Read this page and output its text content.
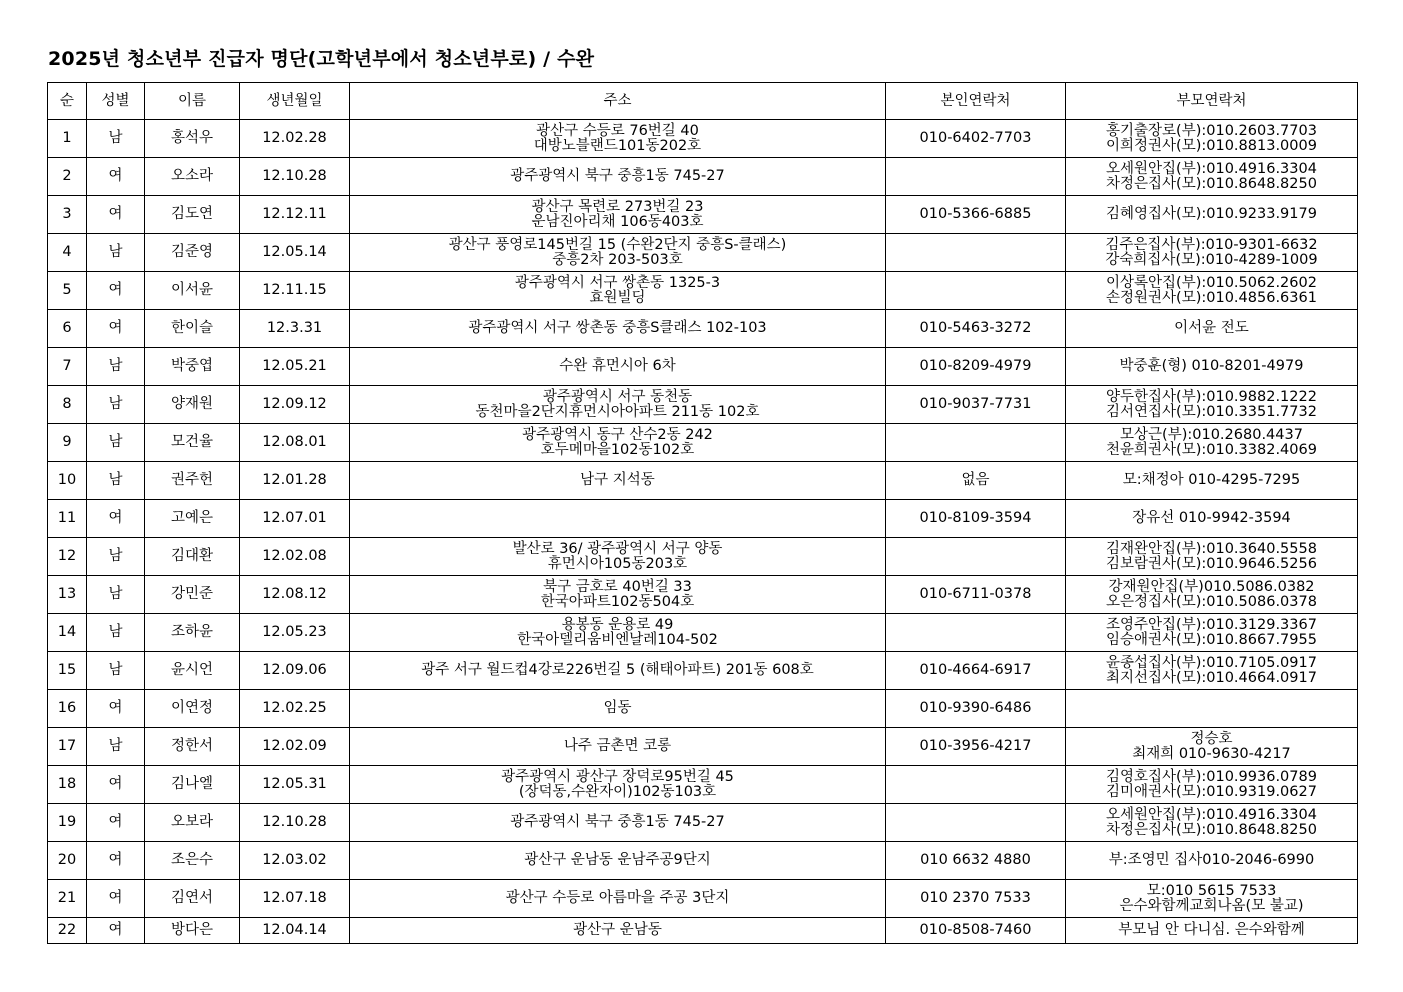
2025년 청소년부 진급자 명단(고학년부에서 청소년부로) / 수완
순	성별	이름	생년월일	주소	본인연락처	부모연락처
1	남	홍석우	12.02.28	광산구 수등로 76번길 40
대방노블랜드101동202호	010-6402-7703	홍기출장로(부):010.2603.7703
이희정권사(모):010.8813.0009

2	여	오소라	12.10.28	광주광역시 북구 중흥1동 745-27		오세원안집(부):010.4916.3304
차정은집사(모):010.8648.8250

3	여	김도연	12.12.11	광산구 목련로 273번길 23
운남진아리채 106동403호	010-5366-6885	김혜영집사(모):010.9233.9179

4	남	김준영	12.05.14	광산구 풍영로145번길 15 (수완2단지 중흥S-클래스)
중흥2차 203-503호		김주은집사(부):010-9301-6632
강숙희집사(모):010-4289-1009

5	여	이서윤	12.11.15	광주광역시 서구 쌍촌동 1325-3
효원빌딩		이상록안집(부):010.5062.2602
손정원권사(모):010.4856.6361

6	여	한이슬	12.3.31	광주광역시 서구 쌍촌동 중흥S클래스 102-103	010-5463-3272	이서윤 전도

7	남	박중엽	12.05.21	수완 휴먼시아 6차	010-8209-4979	박중훈(형) 010-8201-4979

8	남	양재원	12.09.12	광주광역시 서구 동천동
동천마을2단지휴먼시아아파트 211동 102호	010-9037-7731	양두한집사(부):010.9882.1222
김서연집사(모):010.3351.7732

9	남	모건율	12.08.01	광주광역시 동구 산수2동 242
호두메마을102동102호		모상근(부):010.2680.4437
천윤희권사(모):010.3382.4069

10	남	권주헌	12.01.28	남구 지석동	없음	모:채정아 010-4295-7295

11	여	고예은	12.07.01		010-8109-3594	장유선 010-9942-3594

12	남	김대환	12.02.08	발산로 36/ 광주광역시 서구 양동
휴먼시아105동203호		김재완안집(부):010.3640.5558
김보람권사(모):010.9646.5256

13	남	강민준	12.08.12	북구 금호로 40번길 33
한국아파트102동504호	010-6711-0378	강재원안집(부)010.5086.0382
오은정집사(모):010.5086.0378

14	남	조하윤	12.05.23	용봉동 운용로 49
한국아델리움비엔날레104-502		조영주안집(부):010.3129.3367
임승애권사(모):010.8667.7955

15	남	윤시언	12.09.06	광주 서구 월드컵4강로226번길 5 (해태아파트) 201동 608호	010-4664-6917	윤종섭집사(부):010.7105.0917
최지선집사(모):010.4664.0917

16	여	이연정	12.02.25	임동	010-9390-6486	
17	남	정한서	12.02.09	나주 금촌면 코롱	010-3956-4217	정승호
최재희 010-9630-4217

18	여	김나엘	12.05.31	광주광역시 광산구 장덕로95번길 45
(장덕동,수완자이)102동103호		김영호집사(부):010.9936.0789
김미애권사(모):010.9319.0627

19	여	오보라	12.10.28	광주광역시 북구 중흥1동 745-27		오세원안집(부):010.4916.3304
차정은집사(모):010.8648.8250

20	여	조은수	12.03.02	광산구 운남동 운남주공9단지	010 6632 4880	부:조영민 집사010-2046-6990

21	여	김연서	12.07.18	광산구 수등로 아름마을 주공 3단지	010 2370 7533	모:010 5615 7533
은수와함께교회나옴(모 불교)

22	여	방다은	12.04.14	광산구 운남동	010-8508-7460	부모님 안 다니심. 은수와함께
